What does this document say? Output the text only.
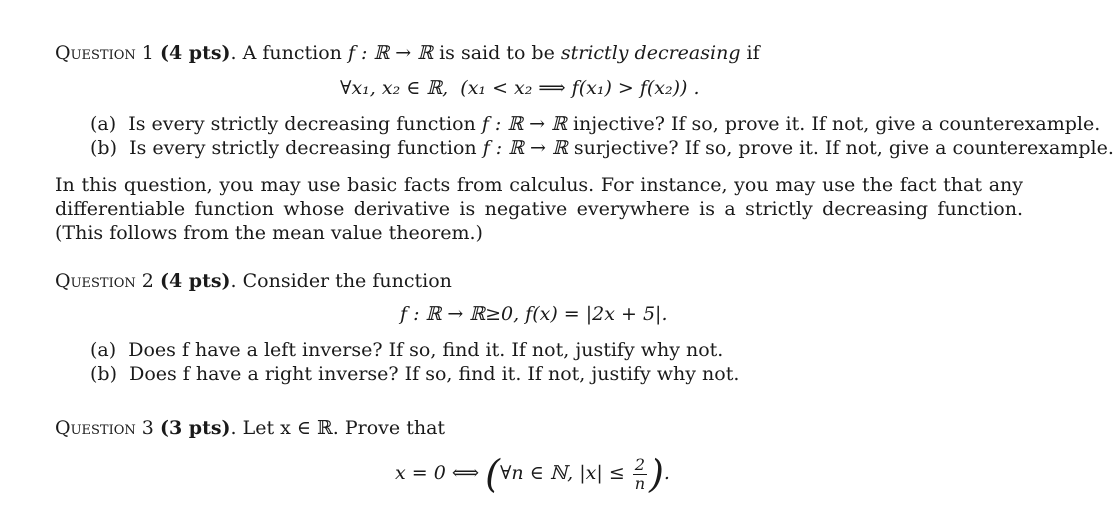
Question 1 (4 pts). A function f : ℝ → ℝ is said to be strictly decreasing if
∀x₁, x₂ ∈ ℝ, (x₁ < x₂ ⟹ f(x₁) > f(x₂)) .
(a) Is every strictly decreasing function f : ℝ → ℝ injective? If so, prove it. If not, give a counterexample.
(b) Is every strictly decreasing function f : ℝ → ℝ surjective? If so, prove it. If not, give a counterexample.
In this question, you may use basic facts from calculus. For instance, you may use the fact that any differentiable function whose derivative is negative everywhere is a strictly decreasing function. (This follows from the mean value theorem.)
Question 2 (4 pts). Consider the function
f : ℝ → ℝ≥0, f(x) = |2x + 5|.
(a) Does f have a left inverse? If so, find it. If not, justify why not.
(b) Does f have a right inverse? If so, find it. If not, justify why not.
Question 3 (3 pts). Let x ∈ ℝ. Prove that
x = 0 ⟺ (∀n ∈ ℕ, $|x| \le \frac{2}{n}$ ).
